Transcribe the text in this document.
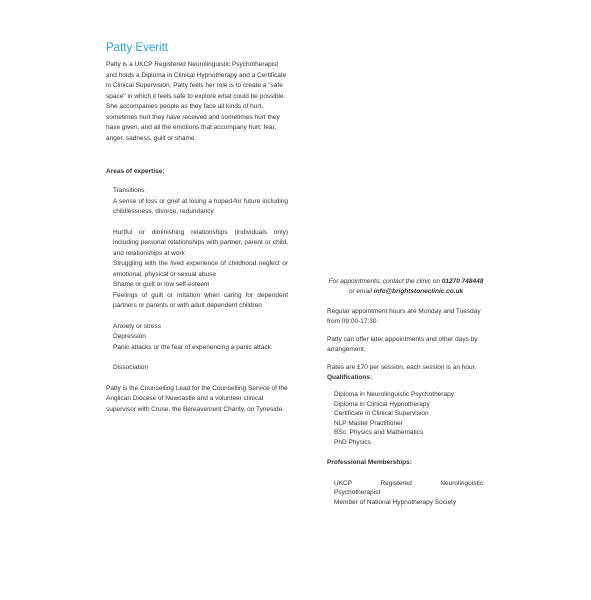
Patty Everitt

Patty is a UKCP Registered Neurolinguistic Psychotherapist and holds a Diploma in Clinical Hypnotherapy and a Certificate in Clinical Supervision. Patty feels her role is to create a "safe space" in which it feels safe to explore what could be possible. She accompanies people as they face all kinds of hurt, sometimes hurt they have received and sometimes hurt they have given, and all the emotions that accompany hurt: fear, anger, sadness, guilt or shame.

Areas of expertise:

Transitions
A sense of loss or grief at losing a hoped-for future including childlessness, divorce, redundancy
Hurtful or diminishing relationships (individuals only) including personal relationships with partner, parent or child, and relationships at work
Struggling with the lived experience of childhood neglect or emotional, physical or sexual abuse
Shame or guilt or low self-esteem
Feelings of guilt or irritation when caring for dependent partners or parents or with adult dependent children
Anxiety or stress
Depression
Panic attacks or the fear of experiencing a panic attack
Dissociation

Patty is the Counselling Lead for the Counselling Service of the Anglican Diocese of Newcastle and a volunteer clinical supervisor with Cruse, the Bereavement Charity, on Tyneside.

For appointments, contact the clinic on 01270 748448 or email info@brightstoneclinic.co.uk

Regular appointment hours are Monday and Tuesday from 09:00-17:30.

Patty can offer later appointments and other days by arrangement.

Rates are £70 per session, each session is an hour.

Qualifications:

Diploma in Neurolinguistic Psychotherapy
Diploma in Clinical Hypnotherapy
Certificate in Clinical Supervision
NLP Master Practitioner
BSc. Physics and Mathematics
PhD Physics

Professional Memberships:

UKCP	Registered	Neurolinguistic
Psychotherapist
Member of National Hypnotherapy Society
